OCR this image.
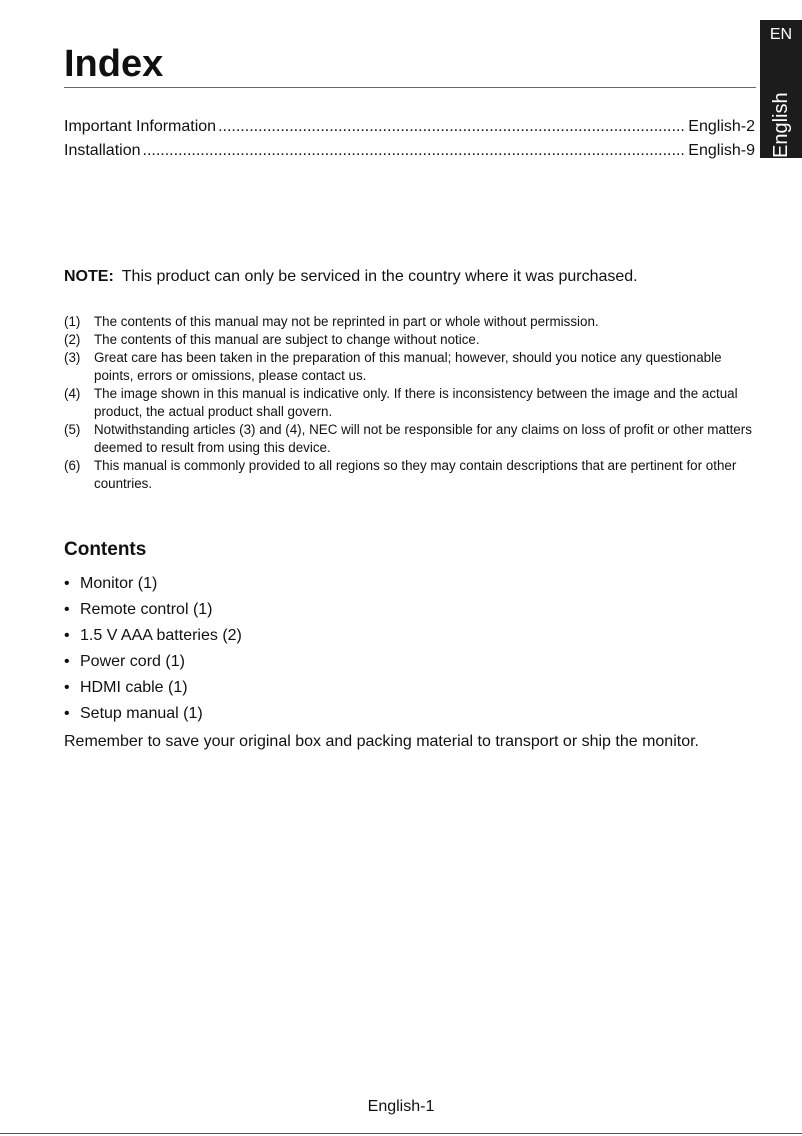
EN
English
Index
Important Information .....	English-2
Installation .....	English-9
NOTE: This product can only be serviced in the country where it was purchased.
(1) The contents of this manual may not be reprinted in part or whole without permission.
(2) The contents of this manual are subject to change without notice.
(3) Great care has been taken in the preparation of this manual; however, should you notice any questionable points, errors or omissions, please contact us.
(4) The image shown in this manual is indicative only. If there is inconsistency between the image and the actual product, the actual product shall govern.
(5) Notwithstanding articles (3) and (4), NEC will not be responsible for any claims on loss of profit or other matters deemed to result from using this device.
(6) This manual is commonly provided to all regions so they may contain descriptions that are pertinent for other countries.
Contents
• Monitor (1)
• Remote control (1)
• 1.5 V AAA batteries (2)
• Power cord (1)
• HDMI cable (1)
• Setup manual (1)
Remember to save your original box and packing material to transport or ship the monitor.
English-1
